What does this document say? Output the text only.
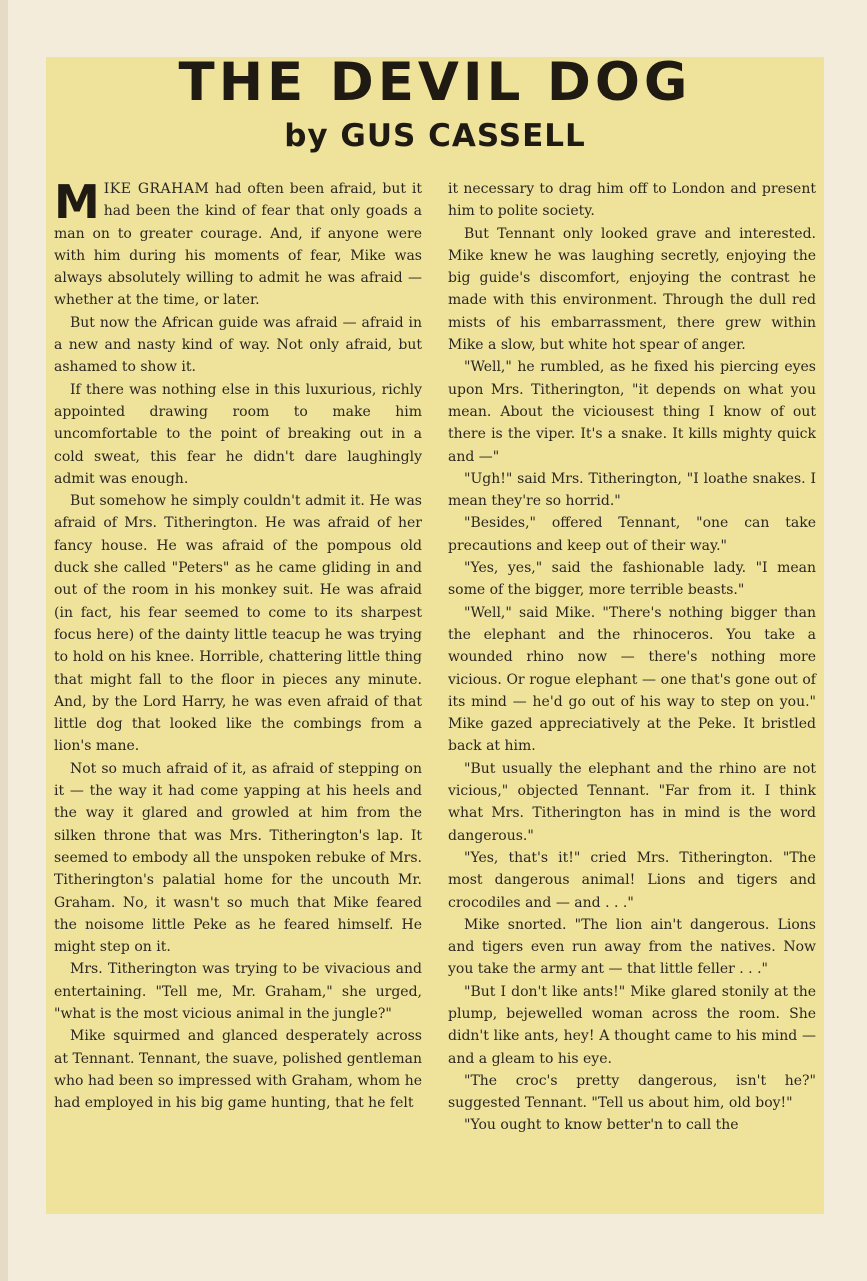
THE DEVIL DOG
by GUS CASSELL

MIKE GRAHAM had often been afraid, but it had been the kind of fear that only goads a man on to greater courage. And, if anyone were with him during his moments of fear, Mike was always absolutely willing to admit he was afraid — whether at the time, or later.

But now the African guide was afraid — afraid in a new and nasty kind of way. Not only afraid, but ashamed to show it.

If there was nothing else in this luxurious, richly appointed drawing room to make him uncomfortable to the point of breaking out in a cold sweat, this fear he didn't dare laughingly admit was enough.

But somehow he simply couldn't admit it. He was afraid of Mrs. Titherington. He was afraid of her fancy house. He was afraid of the pompous old duck she called "Peters" as he came gliding in and out of the room in his monkey suit. He was afraid (in fact, his fear seemed to come to its sharpest focus here) of the dainty little teacup he was trying to hold on his knee. Horrible, chattering little thing that might fall to the floor in pieces any minute. And, by the Lord Harry, he was even afraid of that little dog that looked like the combings from a lion's mane.

Not so much afraid of it, as afraid of stepping on it — the way it had come yapping at his heels and the way it glared and growled at him from the silken throne that was Mrs. Titherington's lap. It seemed to embody all the unspoken rebuke of Mrs. Titherington's palatial home for the uncouth Mr. Graham. No, it wasn't so much that Mike feared the noisome little Peke as he feared himself. He might step on it.

Mrs. Titherington was trying to be vivacious and entertaining. "Tell me, Mr. Graham," she urged, "what is the most vicious animal in the jungle?"

Mike squirmed and glanced desperately across at Tennant. Tennant, the suave, polished gentleman who had been so impressed with Graham, whom he had employed in his big game hunting, that he felt

it necessary to drag him off to London and present him to polite society.

But Tennant only looked grave and interested. Mike knew he was laughing secretly, enjoying the big guide's discomfort, enjoying the contrast he made with this environment. Through the dull red mists of his embarrassment, there grew within Mike a slow, but white hot spear of anger.

"Well," he rumbled, as he fixed his piercing eyes upon Mrs. Titherington, "it depends on what you mean. About the viciousest thing I know of out there is the viper. It's a snake. It kills mighty quick and —"

"Ugh!" said Mrs. Titherington, "I loathe snakes. I mean they're so horrid."

"Besides," offered Tennant, "one can take precautions and keep out of their way."

"Yes, yes," said the fashionable lady. "I mean some of the bigger, more terrible beasts."

"Well," said Mike. "There's nothing bigger than the elephant and the rhinoceros. You take a wounded rhino now — there's nothing more vicious. Or rogue elephant — one that's gone out of its mind — he'd go out of his way to step on you." Mike gazed appreciatively at the Peke. It bristled back at him.

"But usually the elephant and the rhino are not vicious," objected Tennant. "Far from it. I think what Mrs. Titherington has in mind is the word dangerous."

"Yes, that's it!" cried Mrs. Titherington. "The most dangerous animal! Lions and tigers and crocodiles and — and . . ."

Mike snorted. "The lion ain't dangerous. Lions and tigers even run away from the natives. Now you take the army ant — that little feller . . ."

"But I don't like ants!" Mike glared stonily at the plump, bejewelled woman across the room. She didn't like ants, hey! A thought came to his mind — and a gleam to his eye.

"The croc's pretty dangerous, isn't he?" suggested Tennant. "Tell us about him, old boy!"

"You ought to know better'n to call the
